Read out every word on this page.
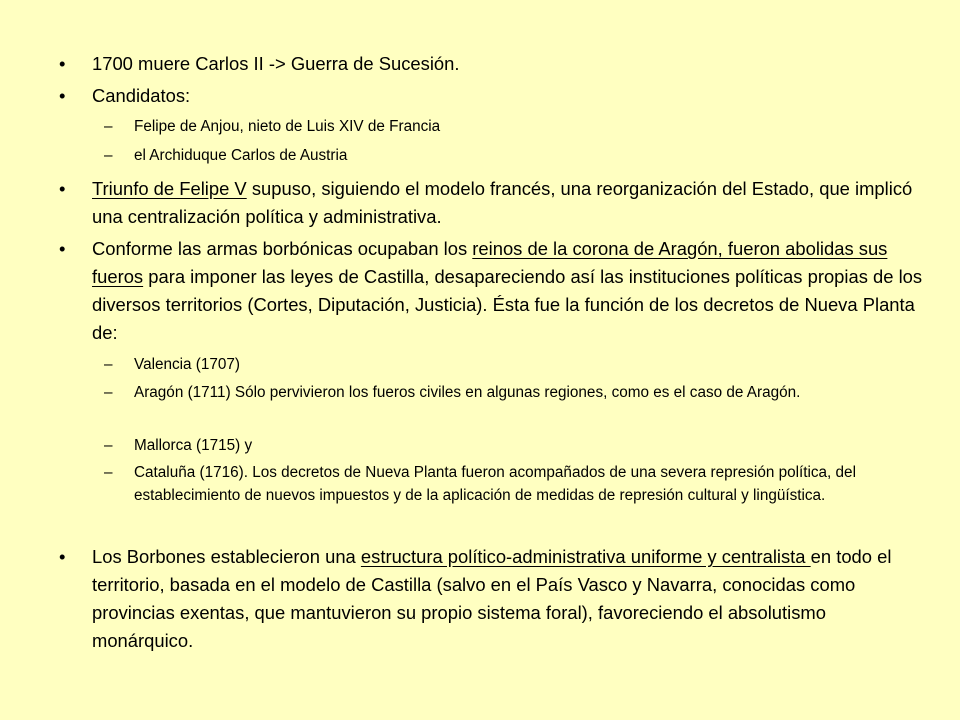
• 1700 muere Carlos II -> Guerra de Sucesión.

• Candidatos:

– Felipe de Anjou, nieto de Luis XIV de Francia

– el Archiduque Carlos de Austria

• Triunfo de Felipe V supuso, siguiendo el modelo francés, una reorganización del Estado, que implicó una centralización política y administrativa.

• Conforme las armas borbónicas ocupaban los reinos de la corona de Aragón, fueron abolidas sus fueros para imponer las leyes de Castilla, desapareciendo así las instituciones políticas propias de los diversos territorios (Cortes, Diputación, Justicia). Ésta fue la función de los decretos de Nueva Planta de:

– Valencia (1707)

– Aragón (1711) Sólo pervivieron los fueros civiles en algunas regiones, como es el caso de Aragón.

– Mallorca (1715) y

– Cataluña (1716). Los decretos de Nueva Planta fueron acompañados de una severa represión política, del establecimiento de nuevos impuestos y de la aplicación de medidas de represión cultural y lingüística.

• Los Borbones establecieron una estructura político-administrativa uniforme y centralista en todo el territorio, basada en el modelo de Castilla (salvo en el País Vasco y Navarra, conocidas como provincias exentas, que mantuvieron su propio sistema foral), favoreciendo el absolutismo monárquico.
